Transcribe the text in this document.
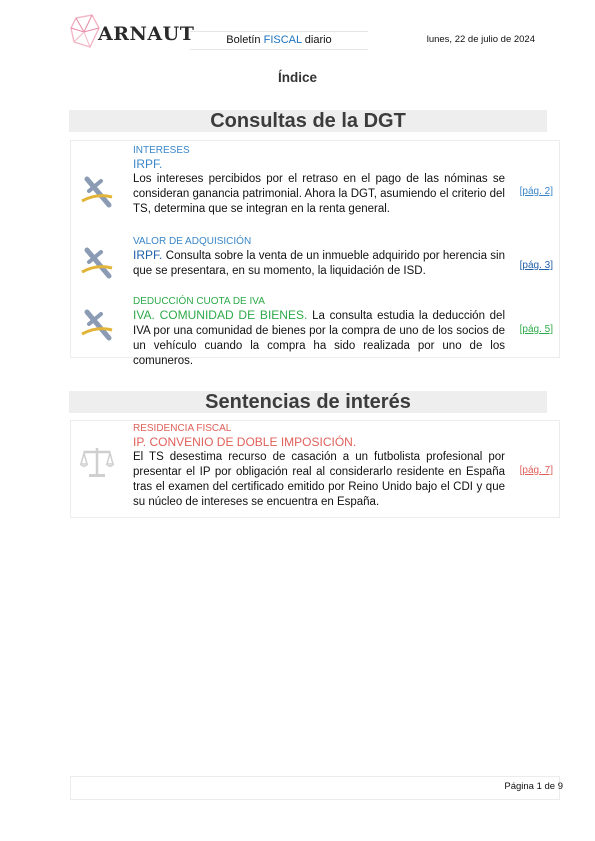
ARNAUT	Boletín FISCAL diario	lunes, 22 de julio de 2024
Índice
Consultas de la DGT
INTERESES
IRPF.
Los intereses percibidos por el retraso en el pago de las nóminas se consideran ganancia patrimonial. Ahora la DGT, asumiendo el criterio del TS, determina que se integran en la renta general.
[pág. 2]
VALOR DE ADQUISICIÓN
IRPF. Consulta sobre la venta de un inmueble adquirido por herencia sin que se presentara, en su momento, la liquidación de ISD.	[pág. 3]
DEDUCCIÓN CUOTA DE IVA
IVA. COMUNIDAD DE BIENES. La consulta estudia la deducción del IVA por una comunidad de bienes por la compra de uno de los socios de un vehículo cuando la compra ha sido realizada por uno de los comuneros.
[pág. 5]
Sentencias de interés
RESIDENCIA FISCAL
IP. CONVENIO DE DOBLE IMPOSICIÓN.
El TS desestima recurso de casación a un futbolista profesional por presentar el IP por obligación real al considerarlo residente en España tras el examen del certificado emitido por Reino Unido bajo el CDI y que su núcleo de intereses se encuentra en España.
[pág. 7]
Página 1 de 9
